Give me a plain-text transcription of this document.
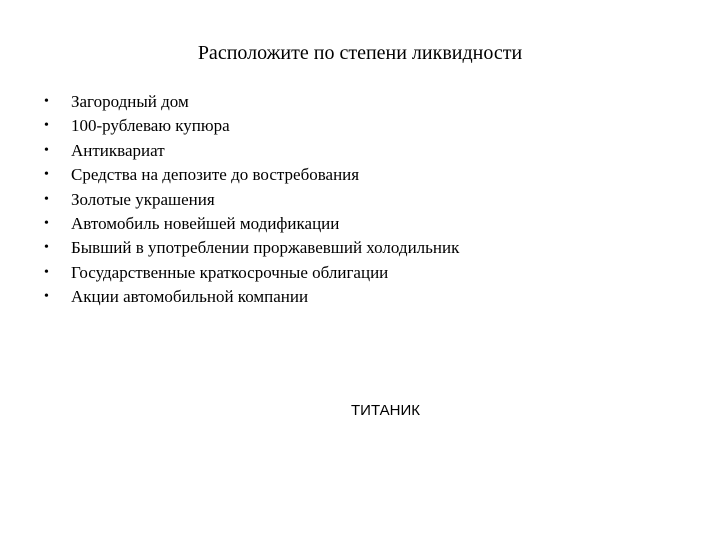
Расположите по степени ликвидности
•	Загородный дом
•	100-рублеваю купюра
•	Антиквариат
•	Средства на депозите до востребования
•	Золотые украшения
•	Автомобиль новейшей модификации
•	Бывший в употреблении проржавевший холодильник
•	Государственные краткосрочные облигации
•	Акции автомобильной компании
ТИТАНИК
